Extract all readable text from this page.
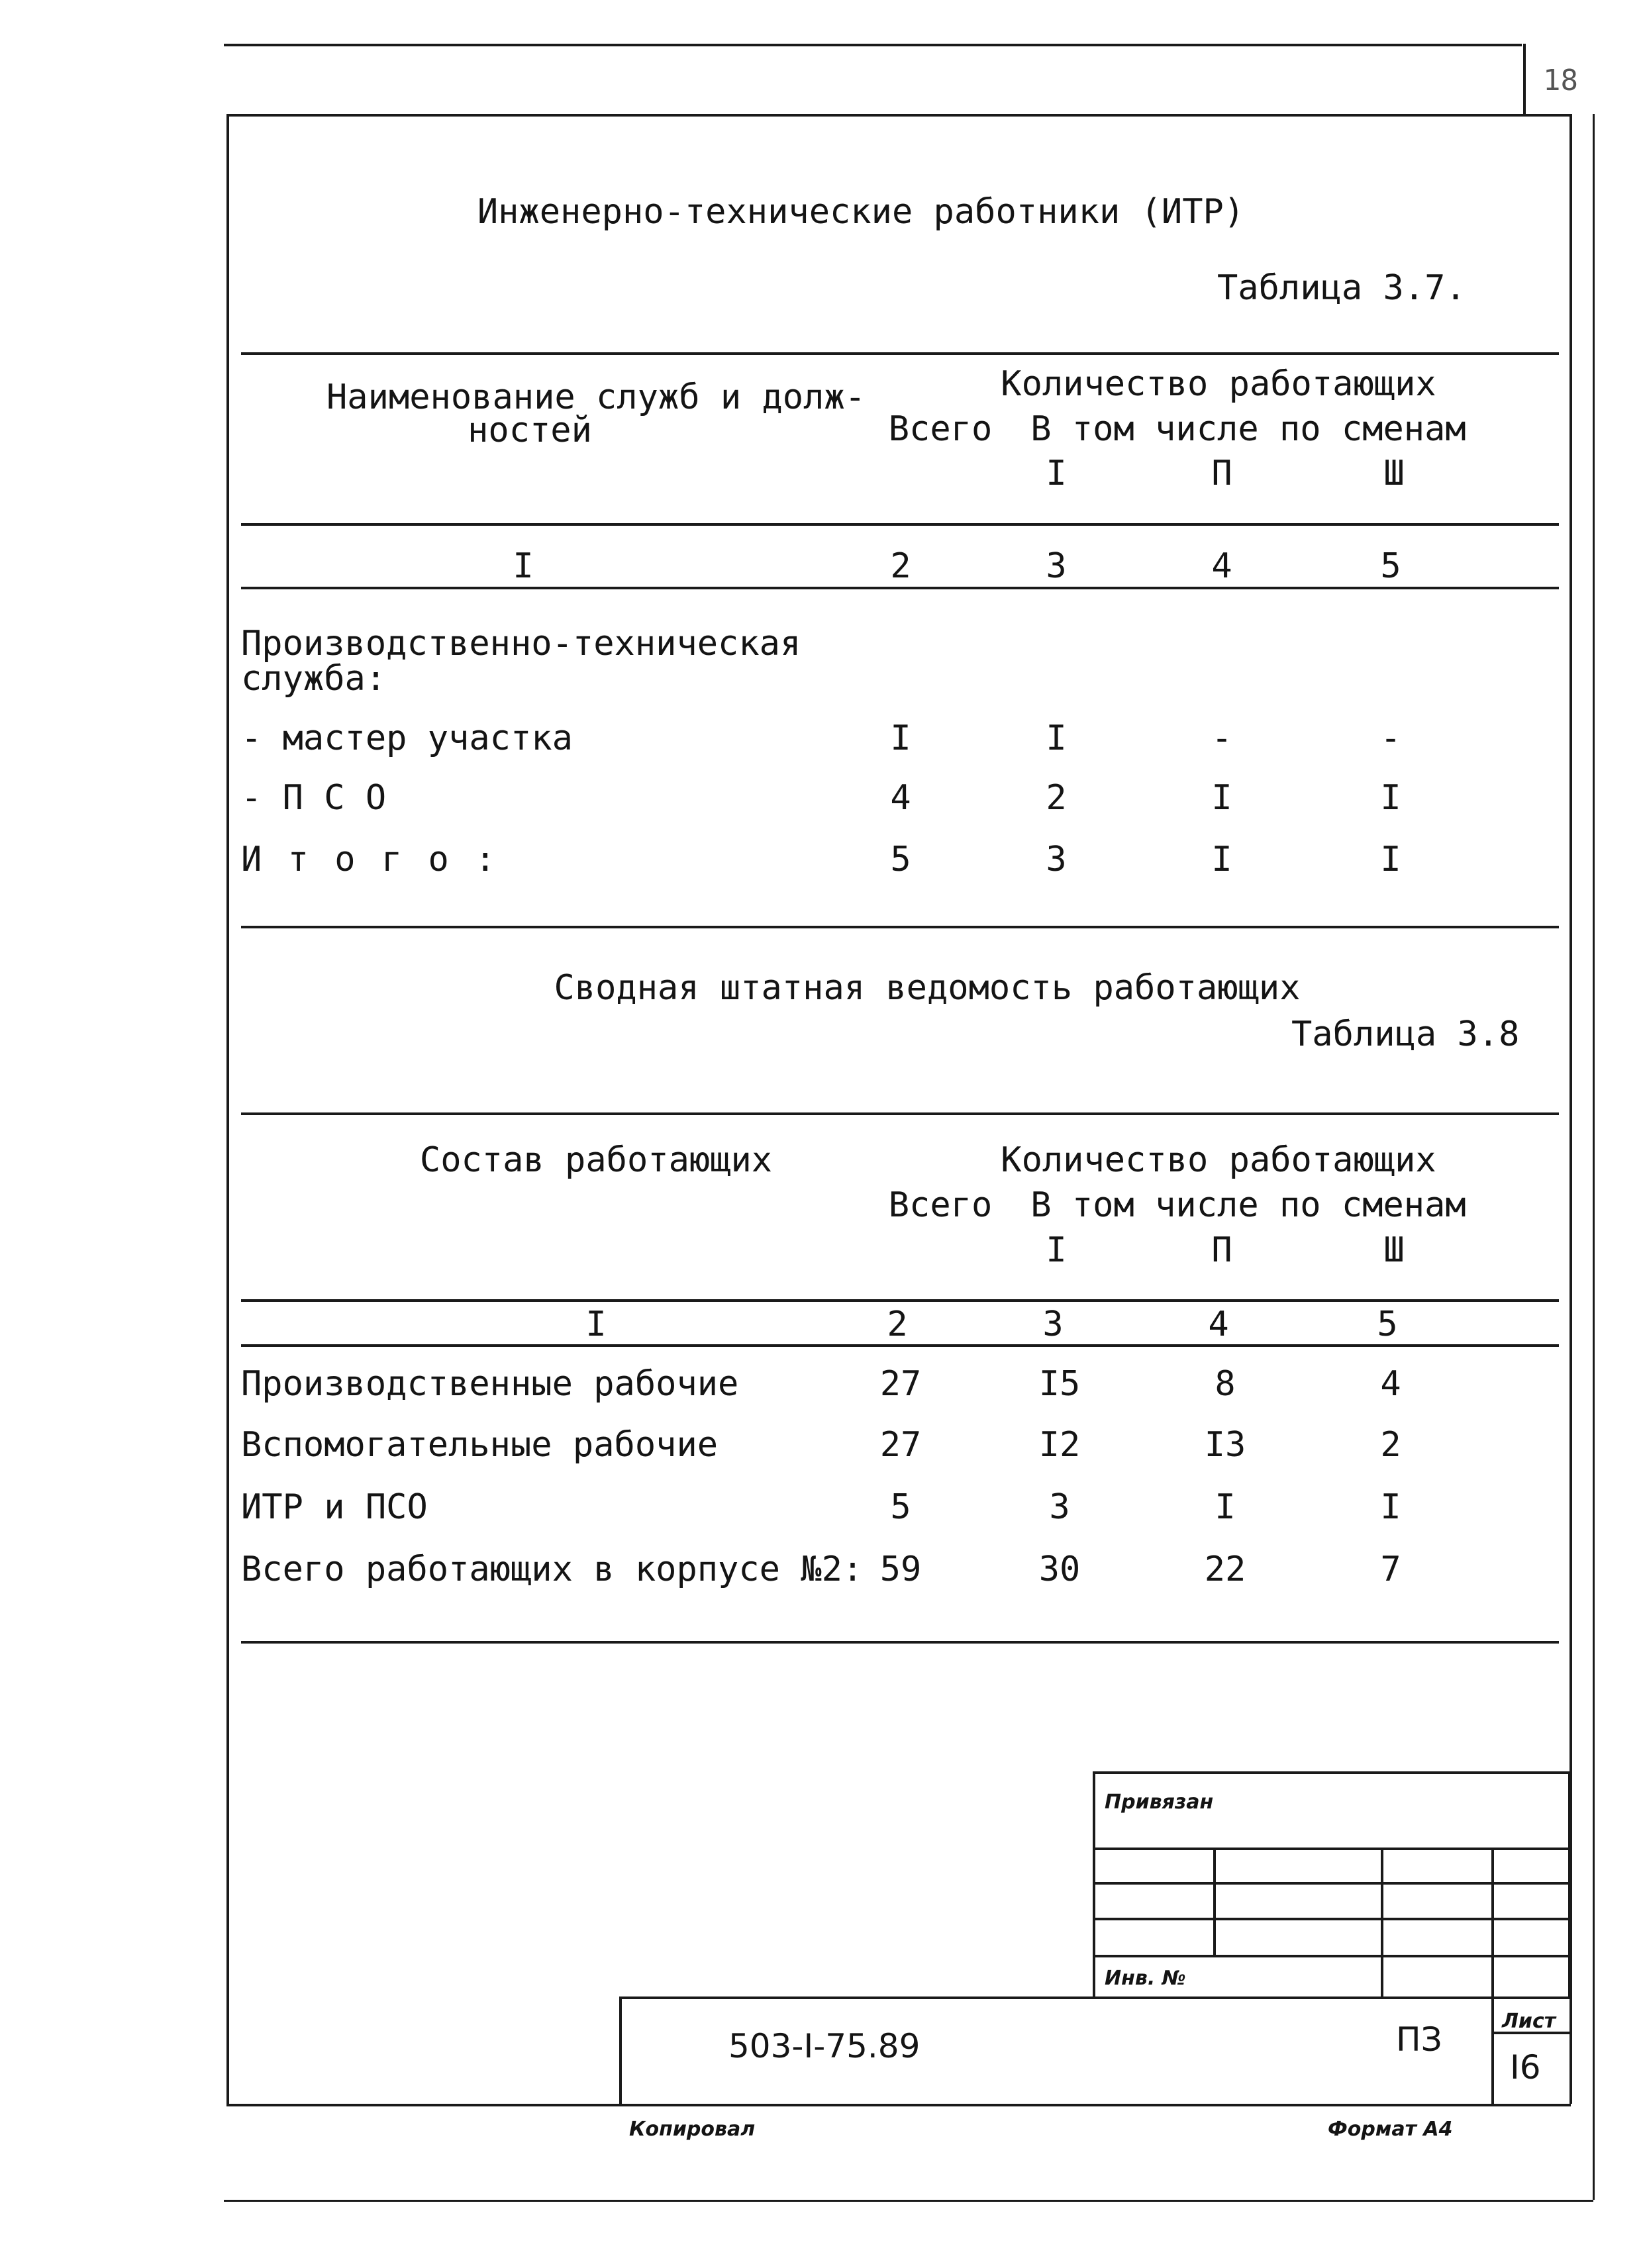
18
Инженерно-технические работники (ИТР)
Таблица 3.7.
Наименование служб и долж-
ностей
Количество работающих
Всего	В том числе по сменам
I	П	Ш
I	2	3	4	5
Производственно-техническая
служба:
- мастер участка	I	I	-	-
- П С О	4	2	I	I
И т о г о :	5	3	I	I
Сводная штатная ведомость работающих
Таблица 3.8
Состав работающих	Количество работающих
Всего	В том числе по сменам
I	П	Ш
I	2	3	4	5
Производственные рабочие	27	I5	8	4
Вспомогательные рабочие	27	I2	I3	2
ИТР и ПСО	5	3	I	I
Всего работающих в корпусе №2: 59	30	22	7
Привязан
Инв. №
503-I-75.89	ПЗ	Лист
I6
Копировал	Формат А4
